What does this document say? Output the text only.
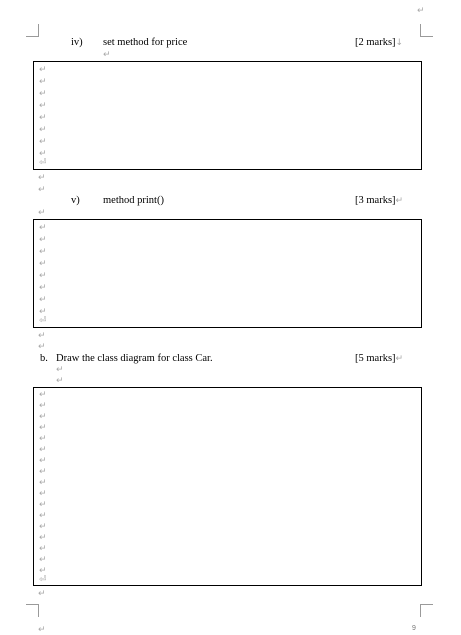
↵
iv) set method for price	[2 marks]↓
↵
↵
↵
↵
↵
↵
↵
↵
↵
⏎
↵
↵
v) method print()	[3 marks]↵
↵
↵
↵
↵
↵
↵
↵
↵
↵
⏎
↵
↵
b. Draw the class diagram for class Car.	[5 marks]↵
↵
↵
↵
↵
↵
↵
↵
↵
↵
↵
↵
↵
↵
↵
↵
↵
↵
↵
↵
⏎
↵
↵	9
